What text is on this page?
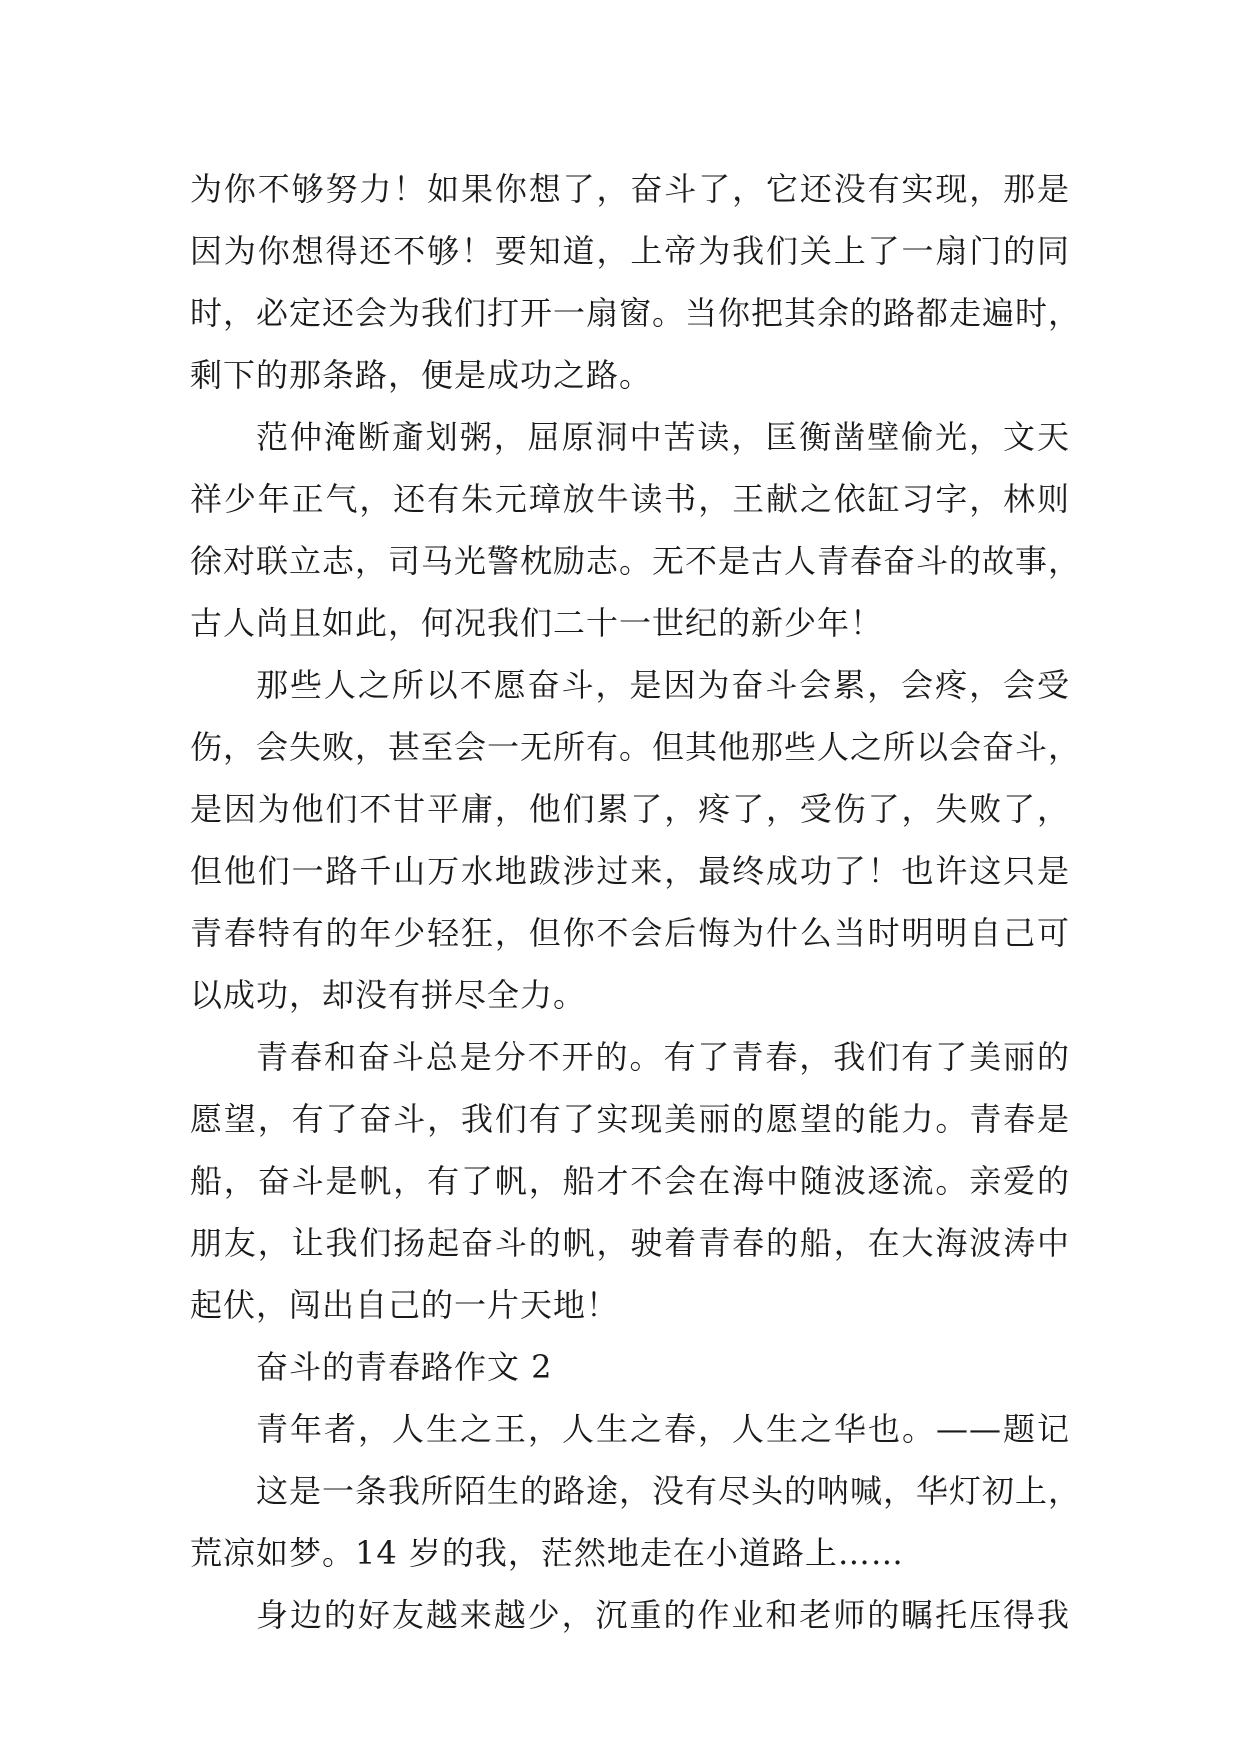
为你不够努力！如果你想了，奋斗了，它还没有实现，那是
因为你想得还不够！要知道，上帝为我们关上了一扇门的同
时，必定还会为我们打开一扇窗。当你把其余的路都走遍时，
剩下的那条路，便是成功之路。
范仲淹断齑划粥，屈原洞中苦读，匡衡凿壁偷光，文天
祥少年正气，还有朱元璋放牛读书，王献之依缸习字，林则
徐对联立志，司马光警枕励志。无不是古人青春奋斗的故事，
古人尚且如此，何况我们二十一世纪的新少年！
那些人之所以不愿奋斗，是因为奋斗会累，会疼，会受
伤，会失败，甚至会一无所有。但其他那些人之所以会奋斗，
是因为他们不甘平庸，他们累了，疼了，受伤了，失败了，
但他们一路千山万水地跋涉过来，最终成功了！也许这只是
青春特有的年少轻狂，但你不会后悔为什么当时明明自己可
以成功，却没有拼尽全力。
青春和奋斗总是分不开的。有了青春，我们有了美丽的
愿望，有了奋斗，我们有了实现美丽的愿望的能力。青春是
船，奋斗是帆，有了帆，船才不会在海中随波逐流。亲爱的
朋友，让我们扬起奋斗的帆，驶着青春的船，在大海波涛中
起伏，闯出自己的一片天地！
奋斗的青春路作文 2
青年者，人生之王，人生之春，人生之华也。——题记
这是一条我所陌生的路途，没有尽头的呐喊，华灯初上，
荒凉如梦。14 岁的我，茫然地走在小道路上……
身边的好友越来越少，沉重的作业和老师的瞩托压得我
